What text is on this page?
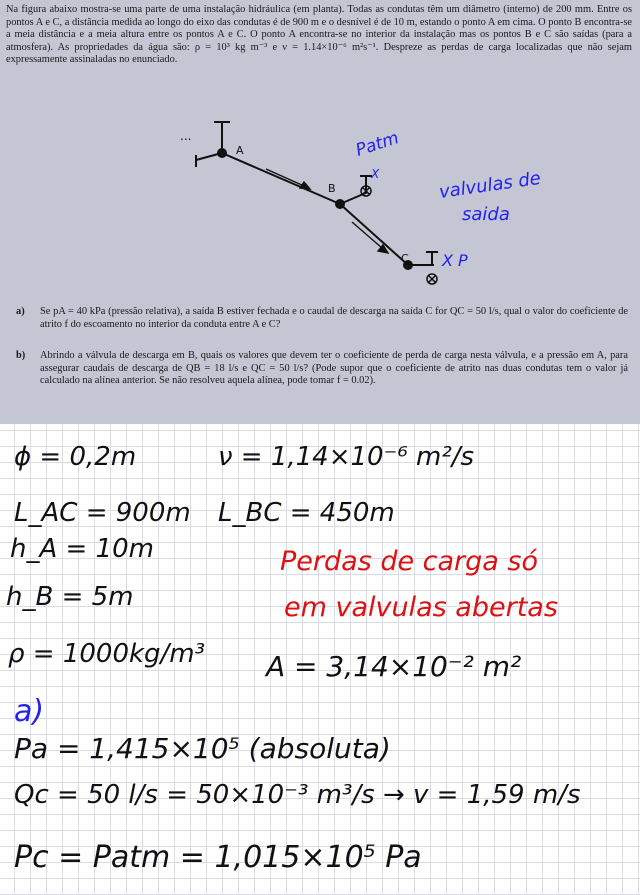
Na figura abaixo mostra-se uma parte de uma instalação hidráulica (em planta). Todas as condutas têm um diâmetro (interno) de 200 mm. Entre os pontos A e C, a distância medida ao longo do eixo das condutas é de 900 m e o desnível é de 10 m, estando o ponto A em cima. O ponto B encontra-se a meia distância e a meia altura entre os pontos A e C. O ponto A encontra-se no interior da instalação mas os pontos B e C são saídas (para a atmosfera). As propriedades da água são: ρ = 10³ kg m⁻³ e ν = 1.14×10⁻⁶ m²s⁻¹. Despreze as perdas de carga localizadas que não sejam expressamente assinaladas no enunciado.

...
A
B
C
Patm
X	valvulas de
saida
X P
a) Se pA = 40 kPa (pressão relativa), a saída B estiver fechada e o caudal de descarga na saída C for QC = 50 l/s, qual o valor do coeficiente de atrito f do escoamento no interior da conduta entre A e C?
b) Abrindo a válvula de descarga em B, quais os valores que devem ter o coeficiente de perda de carga nesta válvula, e a pressão em A, para assegurar caudais de descarga de QB = 18 l/s e QC = 50 l/s? (Pode supor que o coeficiente de atrito nas duas condutas tem o valor já calculado na alínea anterior. Se não resolveu aquela alínea, pode tomar f = 0.02).
ϕ = 0,2m	ν = 1,14×10⁻⁶ m²/s
L_AC = 900m L_BC = 450m
h_A = 10m
h_B = 5m
Perdas de carga só
em valvulas abertas
ρ = 1000kg/m³ A = 3,14×10⁻² m²
a)
Pa = 1,415×10⁵ (absoluta)
Qc = 50 l/s = 50×10⁻³ m³/s → v = 1,59 m/s
Pc = Patm = 1,015×10⁵ Pa
